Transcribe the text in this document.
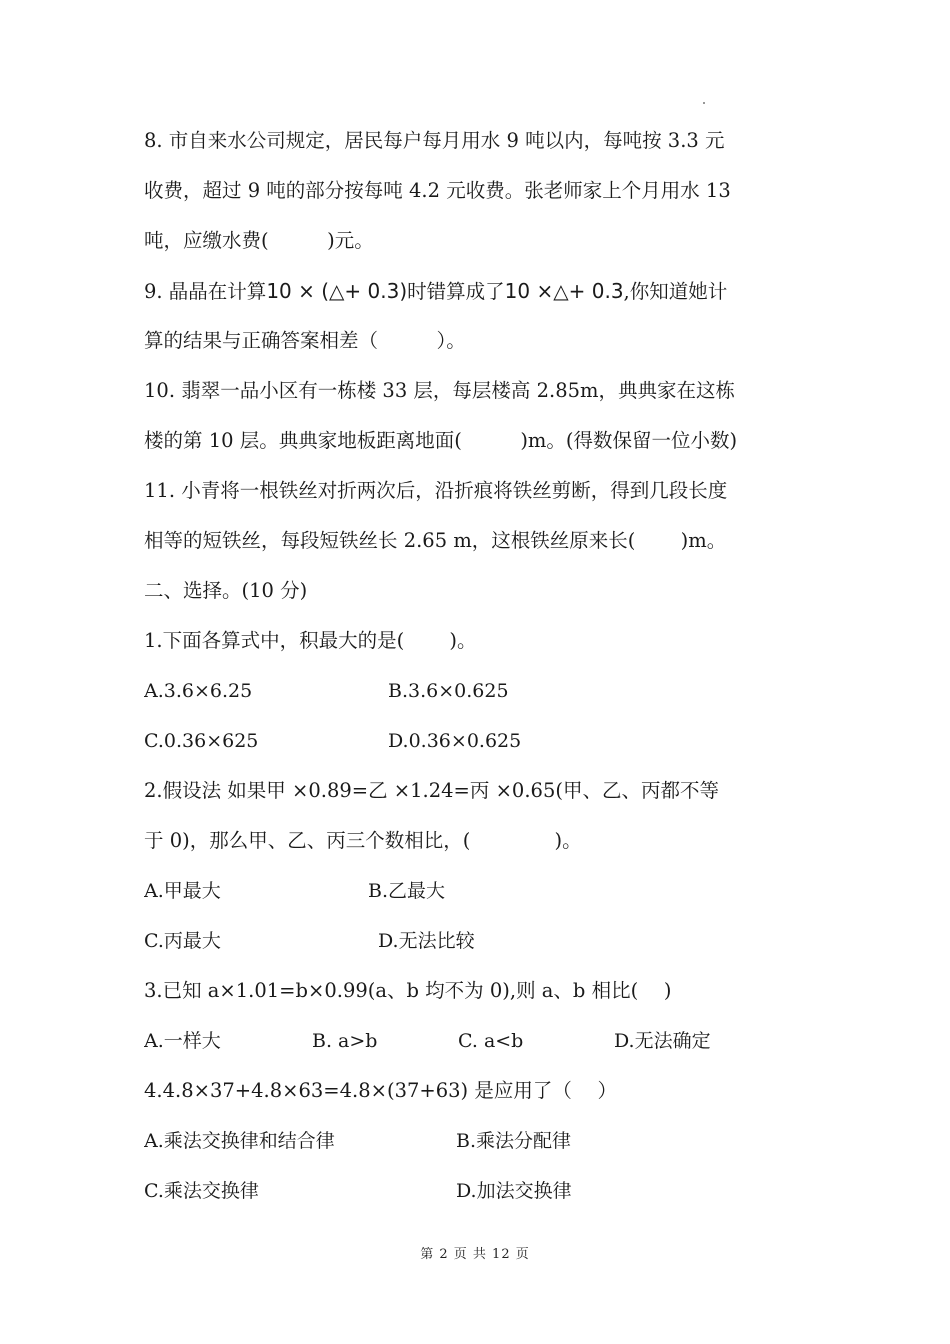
8. 市自来水公司规定，居民每户每月用水 9 吨以内，每吨按 3.3 元
收费，超过 9 吨的部分按每吨 4.2 元收费。张老师家上个月用水 13
吨，应缴水费(　　　)元。
9. 晶晶在计算10 × (△+ 0.3)时错算成了10 ×△+ 0.3,你知道她计
算的结果与正确答案相差（　　　）。
10. 翡翠一品小区有一栋楼 33 层，每层楼高 2.85m，典典家在这栋
楼的第 10 层。典典家地板距离地面(　　　)m。(得数保留一位小数)
11. 小青将一根铁丝对折两次后，沿折痕将铁丝剪断，得到几段长度
相等的短铁丝，每段短铁丝长 2.65 m，这根铁丝原来长(　　 )m。
二、选择。(10 分)
1.下面各算式中，积最大的是(　　 )。
A.3.6×6.25	B.3.6×0.625
C.0.36×625	D.0.36×0.625
2.假设法 如果甲 ×0.89=乙 ×1.24=丙 ×0.65(甲、乙、丙都不等
于 0)，那么甲、乙、丙三个数相比，(　　　　 )。
A.甲最大	B.乙最大
C.丙最大	D.无法比较
3.已知 a×1.01=b×0.99(a、b 均不为 0),则 a、b 相比(　 )
A.一样大	B. a>b	C. a<b	D.无法确定
4.4.8×37+4.8×63=4.8×(37+63) 是应用了（　 ）
A.乘法交换律和结合律	B.乘法分配律
C.乘法交换律	D.加法交换律
第 2 页 共 12 页
